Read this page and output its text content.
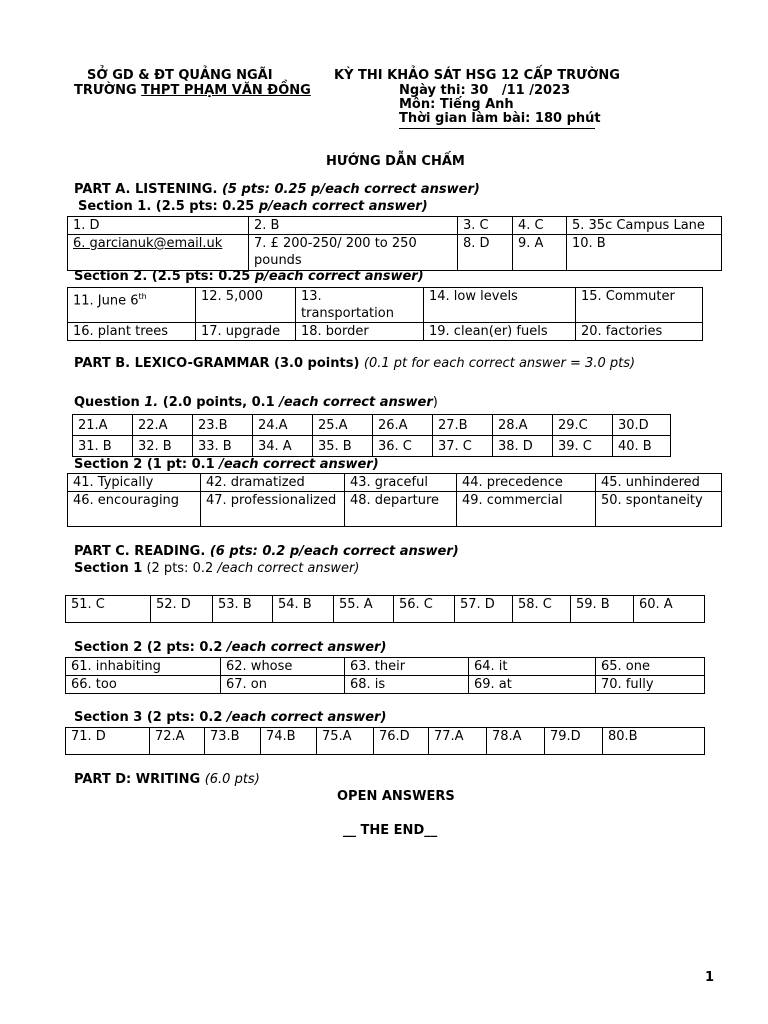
SỞ GD & ĐT QUẢNG NGÃI
TRƯỜNG THPT PHẠM VĂN ĐỒNG
KỲ THI KHẢO SÁT HSG 12 CẤP TRƯỜNG
Ngày thi: 30   /11 /2023
Môn: Tiếng Anh
Thời gian làm bài: 180 phút
HƯỚNG DẪN CHẤM
PART A. LISTENING. (5 pts: 0.25 p/each correct answer)
Section 1. (2.5 pts: 0.25 p/each correct answer)
1. D	2. B	3. C	4. C	5. 35c Campus Lane
6. garcianuk@email.uk	7. £ 200-250/ 200 to 250 pounds	8. D	9. A	10. B
Section 2. (2.5 pts: 0.25 p/each correct answer)
11. June 6th	12. 5,000	13. transportation	14. low levels	15. Commuter
16. plant trees	17. upgrade	18. border	19. clean(er) fuels	20. factories
PART B. LEXICO-GRAMMAR (3.0 points) (0.1 pt for each correct answer = 3.0 pts)
Question 1. (2.0 points, 0.1 /each correct answer)
21.A	22.A	23.B	24.A	25.A	26.A	27.B	28.A	29.C	30.D
31. B	32. B	33. B	34. A	35. B	36. C	37. C	38. D	39. C	40. B
Section 2 (1 pt: 0.1 /each correct answer)
41. Typically	42. dramatized	43. graceful	44. precedence	45. unhindered
46. encouraging	47. professionalized	48. departure	49. commercial	50. spontaneity
PART C. READING. (6 pts: 0.2 p/each correct answer)
Section 1 (2 pts: 0.2 /each correct answer)
51. C	52. D	53. B	54. B	55. A	56. C	57. D	58. C	59. B	60. A
Section 2 (2 pts: 0.2 /each correct answer)
61. inhabiting	62. whose	63. their	64. it	65. one
66. too	67. on	68. is	69. at	70. fully
Section 3 (2 pts: 0.2 /each correct answer)
71. D	72.A	73.B	74.B	75.A	76.D	77.A	78.A	79.D	80.B
PART D: WRITING (6.0 pts)
OPEN ANSWERS
__ THE END__
1
